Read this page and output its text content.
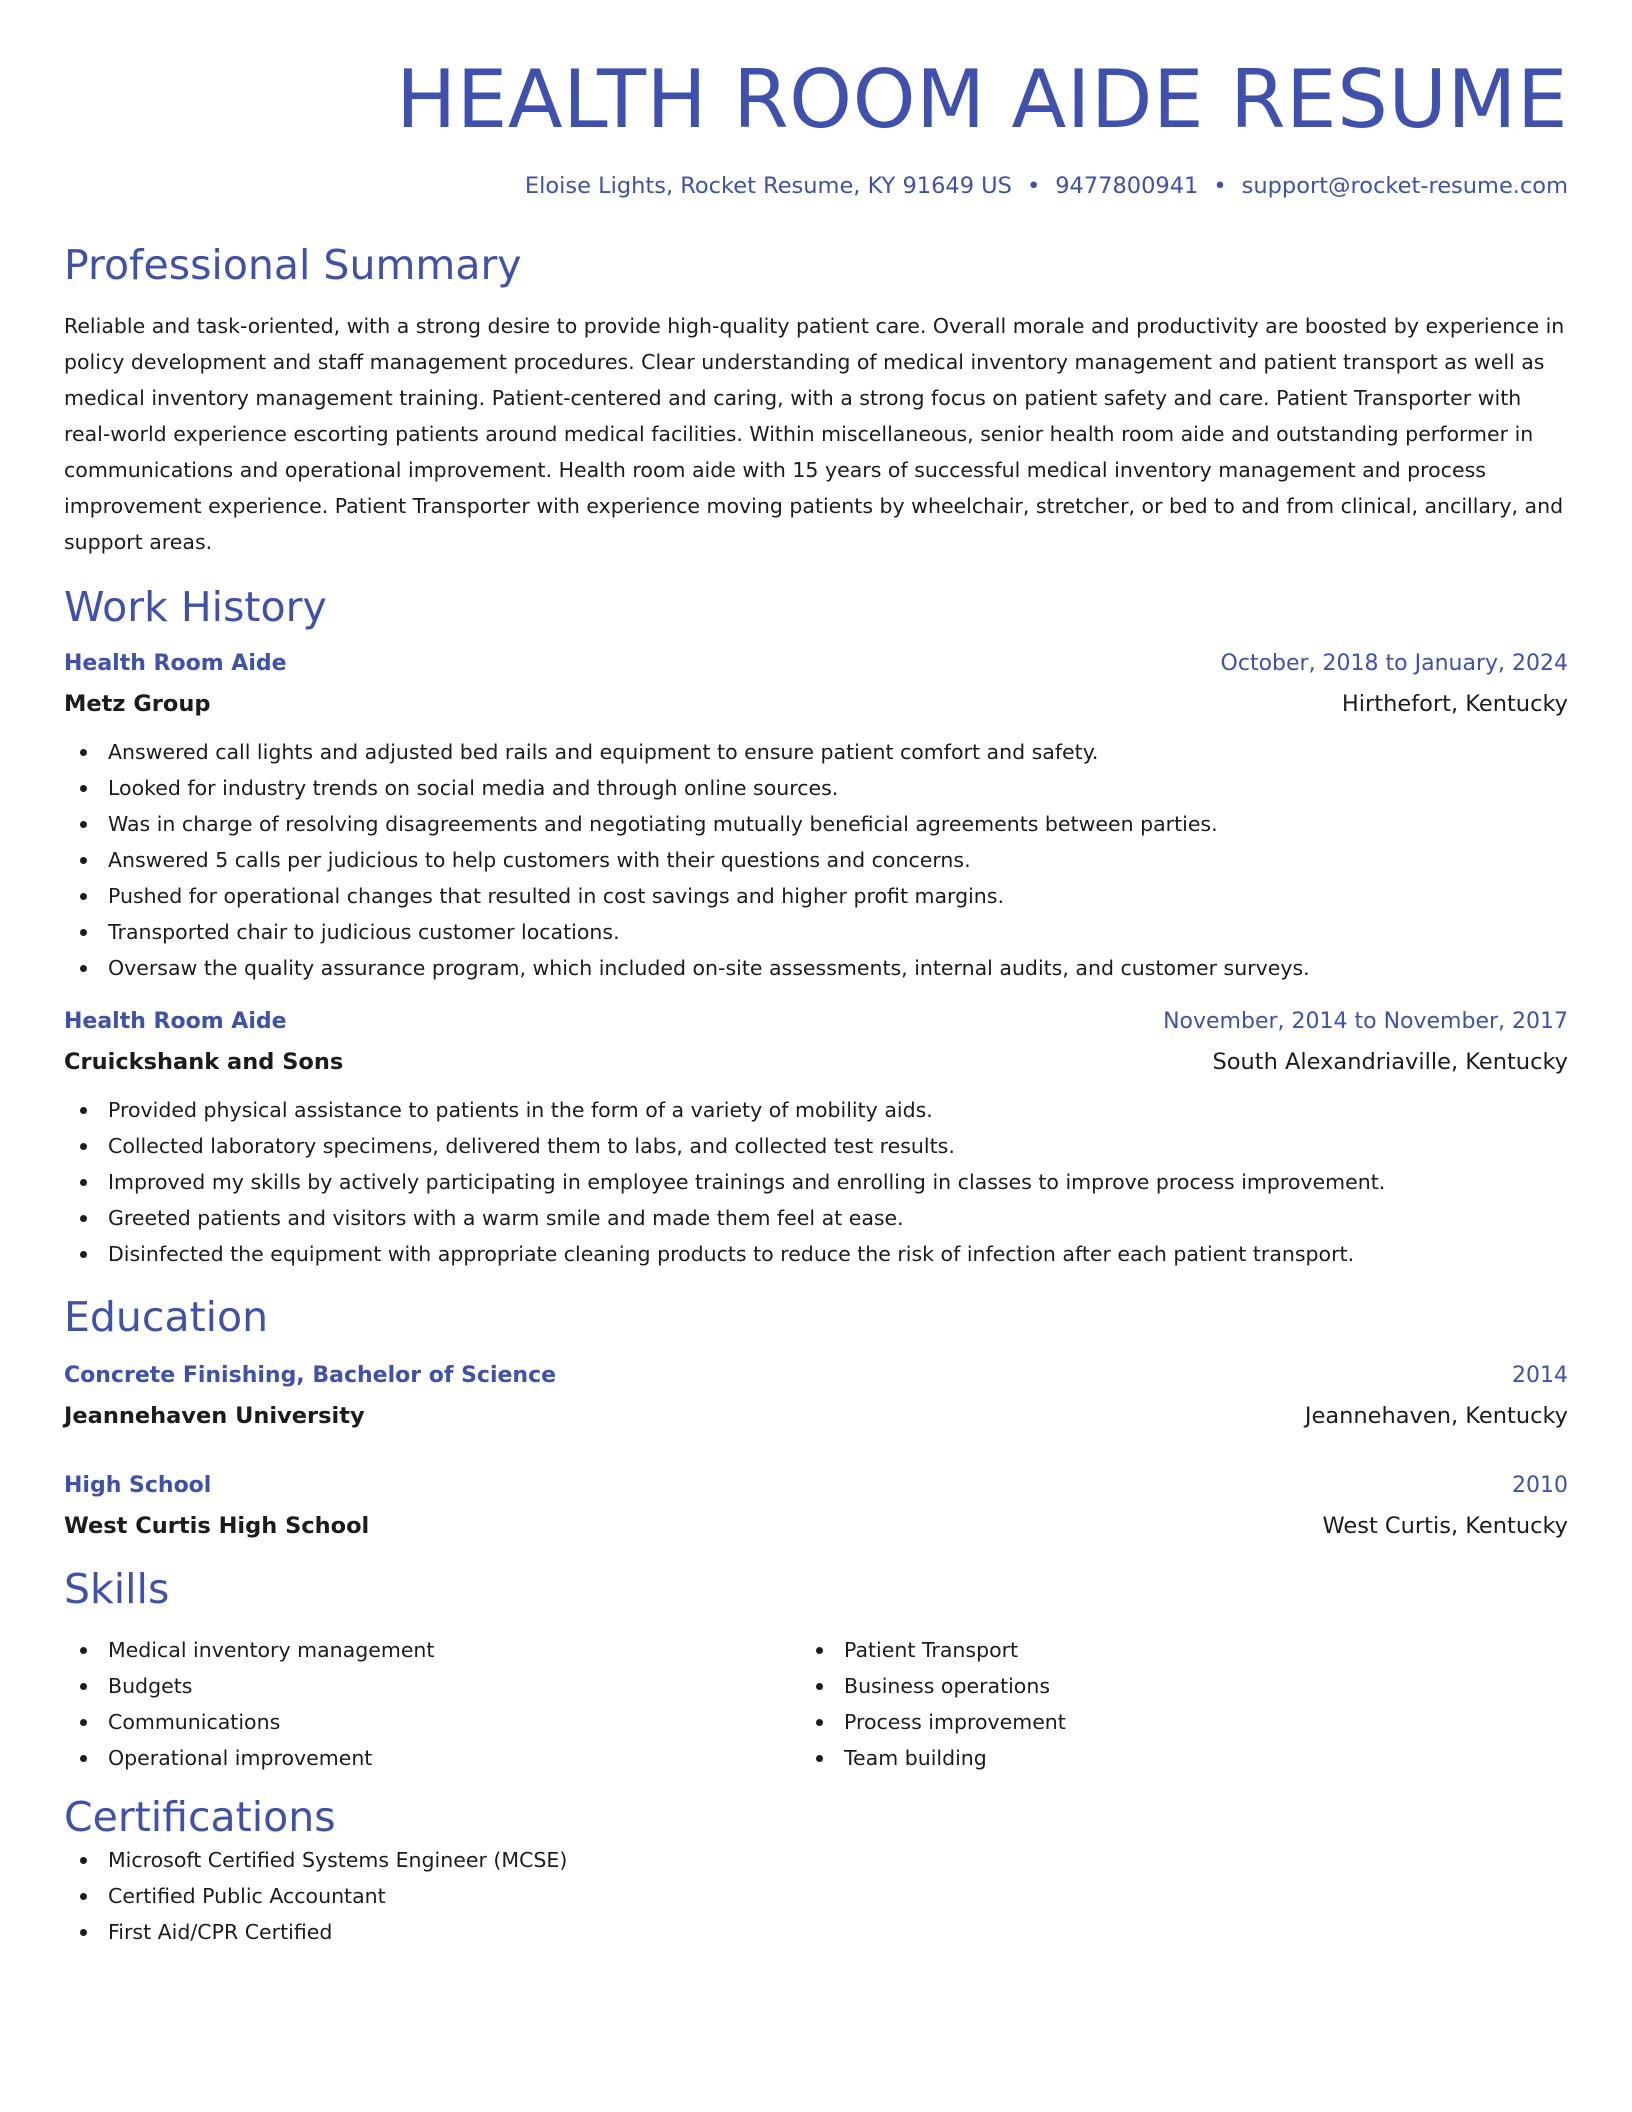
HEALTH ROOM AIDE RESUME
Eloise Lights, Rocket Resume, KY 91649 US • 9477800941 • support@rocket-resume.com
Professional Summary

Reliable and task-oriented, with a strong desire to provide high-quality patient care. Overall morale and productivity are boosted by experience in policy development and staff management procedures. Clear understanding of medical inventory management and patient transport as well as medical inventory management training. Patient-centered and caring, with a strong focus on patient safety and care. Patient Transporter with real-world experience escorting patients around medical facilities. Within miscellaneous, senior health room aide and outstanding performer in communications and operational improvement. Health room aide with 15 years of successful medical inventory management and process improvement experience. Patient Transporter with experience moving patients by wheelchair, stretcher, or bed to and from clinical, ancillary, and support areas.

Work History
Health Room Aide	October, 2018 to January, 2024
Metz Group	Hirthefort, Kentucky
Answered call lights and adjusted bed rails and equipment to ensure patient comfort and safety.
Looked for industry trends on social media and through online sources.
Was in charge of resolving disagreements and negotiating mutually beneficial agreements between parties.
Answered 5 calls per judicious to help customers with their questions and concerns.
Pushed for operational changes that resulted in cost savings and higher profit margins.
Transported chair to judicious customer locations.
Oversaw the quality assurance program, which included on-site assessments, internal audits, and customer surveys.
Health Room Aide	November, 2014 to November, 2017
Cruickshank and Sons	South Alexandriaville, Kentucky
Provided physical assistance to patients in the form of a variety of mobility aids.
Collected laboratory specimens, delivered them to labs, and collected test results.
Improved my skills by actively participating in employee trainings and enrolling in classes to improve process improvement.
Greeted patients and visitors with a warm smile and made them feel at ease.
Disinfected the equipment with appropriate cleaning products to reduce the risk of infection after each patient transport.
Education
Concrete Finishing, Bachelor of Science	2014
Jeannehaven University	Jeannehaven, Kentucky
High School	2010
West Curtis High School	West Curtis, Kentucky
Skills
Medical inventory management
Budgets
Communications
Operational improvement
Patient Transport
Business operations
Process improvement
Team building
Certifications
Microsoft Certified Systems Engineer (MCSE)
Certified Public Accountant
First Aid/CPR Certified
